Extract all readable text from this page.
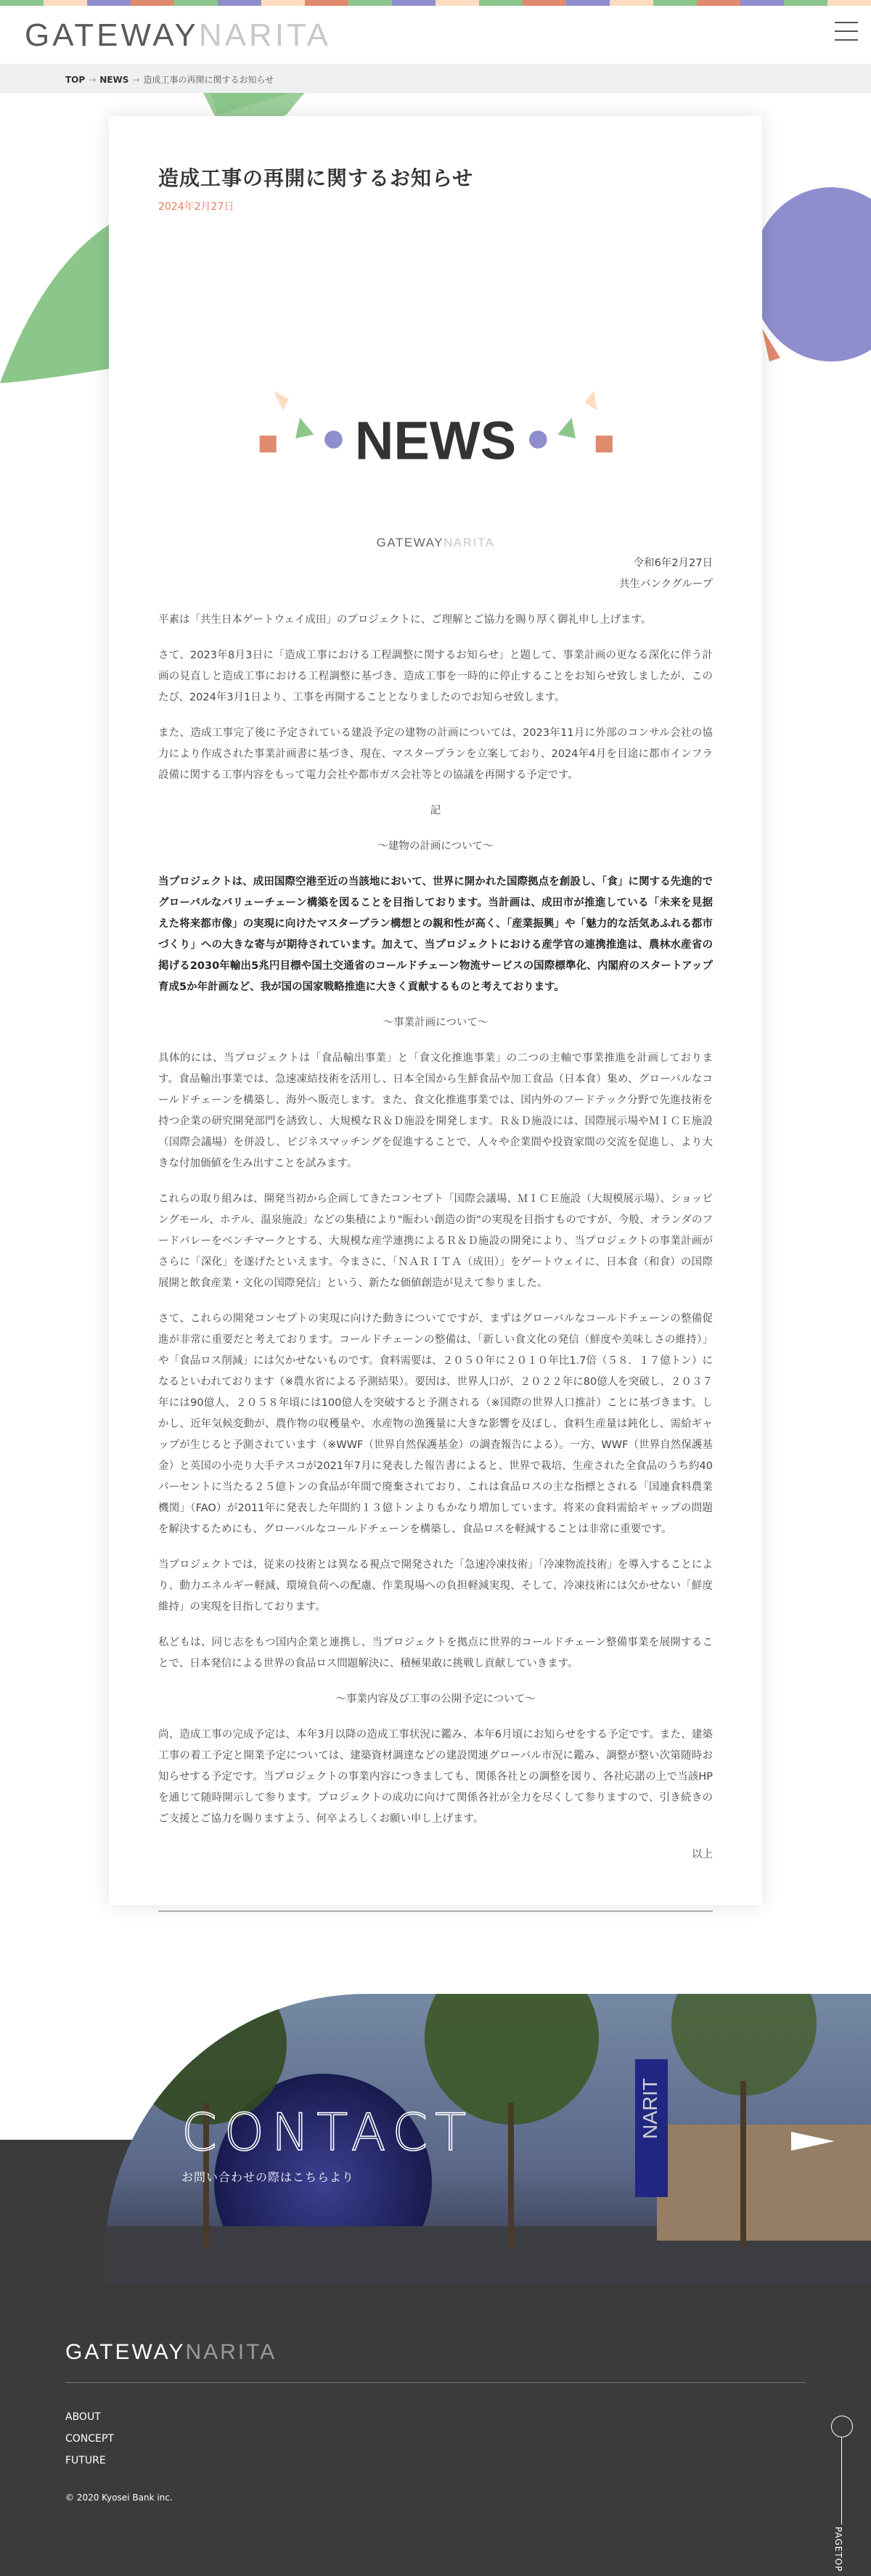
GATEWAYNARITA
TOP → NEWS → 造成工事の再開に関するお知らせ
造成工事の再開に関するお知らせ
2024年2月27日
NEWS
GATEWAYNARITA

令和6年2月27日

共生バンクグループ

平素は「共生日本ゲートウェイ成田」のプロジェクトに、ご理解とご協力を賜り厚く御礼申し上げます。

さて、2023年8月3日に「造成工事における工程調整に関するお知らせ」と題して、事業計画の更なる深化に伴う計画の見直しと造成工事における工程調整に基づき、造成工事を一時的に停止することをお知らせ致しましたが、この たび、2024年3月1日より、工事を再開することとなりましたのでお知らせ致します。

また、造成工事完了後に予定されている建設予定の建物の計画については、2023年11月に外部のコンサル会社の協力により作成された事業計画書に基づき、現在、マスタープランを立案しており、2024年4月を目途に都市インフラ設備に関する工事内容をもって電力会社や都市ガス会社等との協議を再開する予定です。

記

〜建物の計画について〜

当プロジェクトは、成田国際空港至近の当該地において、世界に開かれた国際拠点を創設し、「食」に関する先進的でグローバルなバリューチェーン構築を図ることを目指しております。当計画は、成田市が推進している「未来を見据えた将来都市像」の実現に向けたマスタープラン構想との親和性が高く、「産業振興」や「魅力的な活気あふれる都市づくり」への大きな寄与が期待されています。加えて、当プロジェクトにおける産学官の連携推進は、農林水産省の掲げる2030年輸出5兆円目標や国土交通省のコールドチェーン物流サービスの国際標準化、内閣府のスタートアップ育成5か年計画など、我が国の国家戦略推進に大きく貢献するものと考えております。

〜事業計画について〜

具体的には、当プロジェクトは「食品輸出事業」と「食文化推進事業」の二つの主軸で事業推進を計画しております。食品輸出事業では、急速凍結技術を活用し、日本全国から生鮮食品や加工食品（日本食）集め、グローバルなコールドチェーンを構築し、海外へ販売します。また、食文化推進事業では、国内外のフードテック分野で先進技術を持つ企業の研究開発部門を誘致し、大規模なＲ＆Ｄ施設を開発します。Ｒ＆Ｄ施設には、国際展示場やＭＩＣＥ施設（国際会議場）を併設し、ビジネスマッチングを促進することで、人々や企業間や投資家間の交流を促進し、より大きな付加価値を生み出すことを試みます。

これらの取り組みは、開発当初から企画してきたコンセプト「国際会議場、ＭＩＣＥ施設（大規模展示場）、ショッピングモール、ホテル、温泉施設」などの集積により"賑わい創造の街"の実現を目指すものですが、今般、オランダのフードバレーをベンチマークとする、大規模な産学連携によるＲ＆Ｄ施設の開発により、当プロジェクトの事業計画がさらに「深化」を遂げたといえます。今まさに、「ＮＡＲＩＴＡ（成田）」をゲートウェイに、日本食（和食）の国際展開と飲食産業・文化の国際発信」という、新たな価値創造が見えて参りました。

さて、これらの開発コンセプトの実現に向けた動きについてですが、まずはグローバルなコールドチェーンの整備促進が非常に重要だと考えております。コールドチェーンの整備は、「新しい食文化の発信（鮮度や美味しさの維持）」や「食品ロス削減」には欠かせないものです。食料需要は、２０５０年に２０１０年比1.7倍（５８．１７億トン）になるといわれております（※農水省による予測結果）。要因は、世界人口が、２０２２年に80億人を突破し、２０３７年には90億人、２０５８年頃には100億人を突破すると予測される（※国際の世界人口推計）ことに基づきます。しかし、近年気候変動が、農作物の収穫量や、水産物の漁獲量に大きな影響を及ぼし、食料生産量は鈍化し、需給ギャップが生じると予測されています（※WWF（世界自然保護基金）の調査報告による）。一方、WWF（世界自然保護基金）と英国の小売り大手テスコが2021年7月に発表した報告書によると、世界で栽培、生産された全食品のうち約40パーセントに当たる２５億トンの食品が年間で廃棄されており、これは食品ロスの主な指標とされる「国連食料農業機関」（FAO）が2011年に発表した年間約１３億トンよりもかなり増加しています。将来の食料需給ギャップの問題を解決するためにも、グローバルなコールドチェーンを構築し、食品ロスを軽減することは非常に重要です。

当プロジェクトでは、従来の技術とは異なる視点で開発された「急速冷凍技術」「冷凍物流技術」を導入することにより、動力エネルギー軽減、環境負荷への配慮、作業現場への負担軽減実現、そして、冷凍技術には欠かせない「鮮度維持」の実現を目指しております。

私どもは、同じ志をもつ国内企業と連携し、当プロジェクトを拠点に世界的コールドチェーン整備事業を展開することで、日本発信による世界の食品ロス問題解決に、積極果敢に挑戦し貢献していきます。

〜事業内容及び工事の公開予定について〜

尚、造成工事の完成予定は、本年3月以降の造成工事状況に鑑み、本年6月頃にお知らせをする予定です。また、建築工事の着工予定と開業予定については、建築資材調達などの建設関連グローバル市況に鑑み、調整が整い次第随時お知らせする予定です。当プロジェクトの事業内容につきましても、関係各社との調整を図り、各社応諾の上で当該HPを通じて随時開示して参ります。プロジェクトの成功に向けて関係各社が全力を尽くして参りますので、引き続きのご支援とご協力を賜りますよう、何卒よろしくお願い申し上げます。

以上

GATEWAYNARITA
ABOUT
CONCEPT
FUTURE
© 2020 Kyosei Bank inc.
NARIT
CONTACT
お問い合わせの際はこちらより
PAGETOP
